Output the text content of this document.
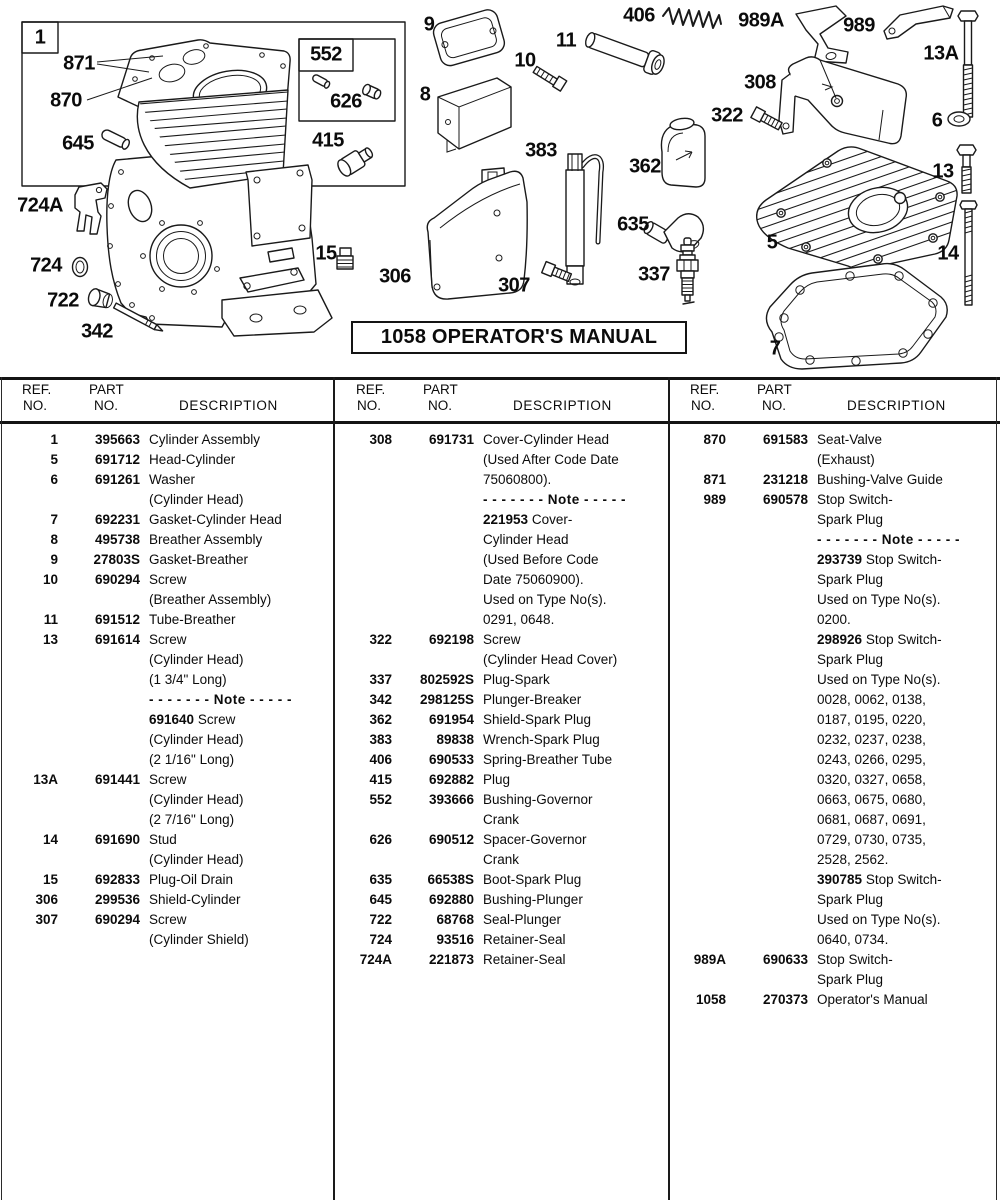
1058 OPERATOR'S MANUAL
1
871
870
645
552
626
415
724A
724
722
342
15
306	307
9
10
8
11
383
406
362
635
337
989A	989
13A
308
322	6
13
5	14
7
REF.
NO.
PART
NO.	DESCRIPTION
REF.
NO.
PART
NO.	DESCRIPTION
REF.
NO.
PART
NO.	DESCRIPTION
1	395663 Cylinder Assembly
5	691712 Head-Cylinder
6	691261 Washer
(Cylinder Head)
7	692231 Gasket-Cylinder Head
8	495738 Breather Assembly
9	27803S Gasket-Breather
10	690294 Screw
(Breather Assembly)
11	691512 Tube-Breather
13	691614 Screw
(Cylinder Head)
(1 3/4" Long)
- - - - - - - Note - - - - -
691640 Screw
(Cylinder Head)
(2 1/16" Long)
13A	691441 Screw
(Cylinder Head)
(2 7/16" Long)
14	691690 Stud
(Cylinder Head)
15	692833 Plug-Oil Drain
306	299536 Shield-Cylinder
307	690294 Screw
(Cylinder Shield)
308	691731 Cover-Cylinder Head
(Used After Code Date
75060800).
- - - - - - - Note - - - - -
221953 Cover-
Cylinder Head
(Used Before Code
Date 75060900).
Used on Type No(s).
0291, 0648.
322	692198 Screw
(Cylinder Head Cover)
337	802592S Plug-Spark
342	298125S Plunger-Breaker
362	691954 Shield-Spark Plug
383	89838 Wrench-Spark Plug
406	690533 Spring-Breather Tube
415	692882 Plug
552	393666 Bushing-Governor
Crank
626	690512 Spacer-Governor
Crank
635	66538S Boot-Spark Plug
645	692880 Bushing-Plunger
722	68768 Seal-Plunger
724	93516 Retainer-Seal
724A	221873 Retainer-Seal
870	691583 Seat-Valve
(Exhaust)
871	231218 Bushing-Valve Guide
989	690578 Stop Switch-
Spark Plug
- - - - - - - Note - - - - -
293739 Stop Switch-
Spark Plug
Used on Type No(s).
0200.
298926 Stop Switch-
Spark Plug
Used on Type No(s).
0028, 0062, 0138,
0187, 0195, 0220,
0232, 0237, 0238,
0243, 0266, 0295,
0320, 0327, 0658,
0663, 0675, 0680,
0681, 0687, 0691,
0729, 0730, 0735,
2528, 2562.
390785 Stop Switch-
Spark Plug
Used on Type No(s).
0640, 0734.
989A	690633 Stop Switch-
Spark Plug
1058	270373 Operator's Manual
